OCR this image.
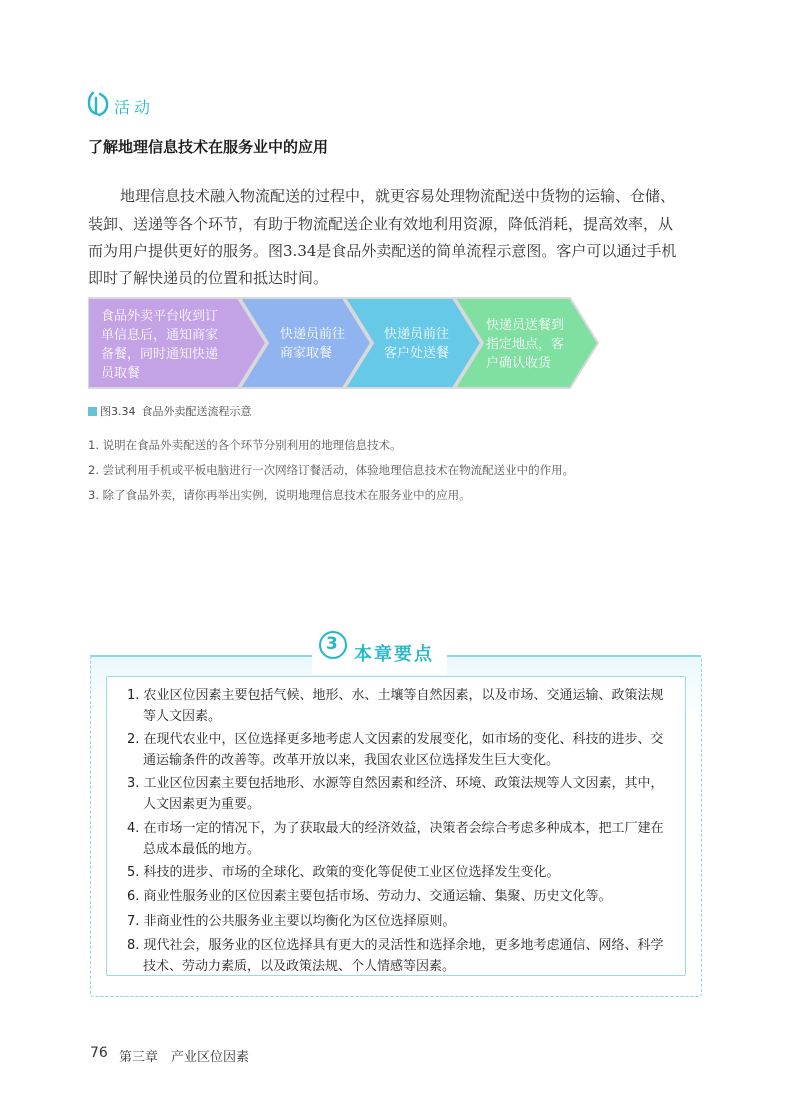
活动
了解地理信息技术在服务业中的应用
地理信息技术融入物流配送的过程中，就更容易处理物流配送中货物的运输、仓储、
装卸、送递等各个环节，有助于物流配送企业有效地利用资源，降低消耗，提高效率，从
而为用户提供更好的服务。图3.34是食品外卖配送的简单流程示意图。客户可以通过手机
即时了解快递员的位置和抵达时间。
食品外卖平台收到订
单信息后，通知商家
备餐，同时通知快递
员取餐
快递员前往
商家取餐
快递员前往
客户处送餐
快递员送餐到
指定地点，客
户确认收货
图3.34 食品外卖配送流程示意
1. 说明在食品外卖配送的各个环节分别利用的地理信息技术。
2. 尝试利用手机或平板电脑进行一次网络订餐活动，体验地理信息技术在物流配送业中的作用。
3. 除了食品外卖，请你再举出实例，说明地理信息技术在服务业中的应用。
3 本章要点
1. 农业区位因素主要包括气候、地形、水、土壤等自然因素，以及市场、交通运输、政策法规
等人文因素。
2. 在现代农业中，区位选择更多地考虑人文因素的发展变化，如市场的变化、科技的进步、交
通运输条件的改善等。改革开放以来，我国农业区位选择发生巨大变化。
3. 工业区位因素主要包括地形、水源等自然因素和经济、环境、政策法规等人文因素，其中，
人文因素更为重要。
4. 在市场一定的情况下，为了获取最大的经济效益，决策者会综合考虑多种成本，把工厂建在
总成本最低的地方。
5. 科技的进步、市场的全球化、政策的变化等促使工业区位选择发生变化。
6. 商业性服务业的区位因素主要包括市场、劳动力、交通运输、集聚、历史文化等。
7. 非商业性的公共服务业主要以均衡化为区位选择原则。
8. 现代社会，服务业的区位选择具有更大的灵活性和选择余地，更多地考虑通信、网络、科学
技术、劳动力素质，以及政策法规、个人情感等因素。
76 第三章　产业区位因素
